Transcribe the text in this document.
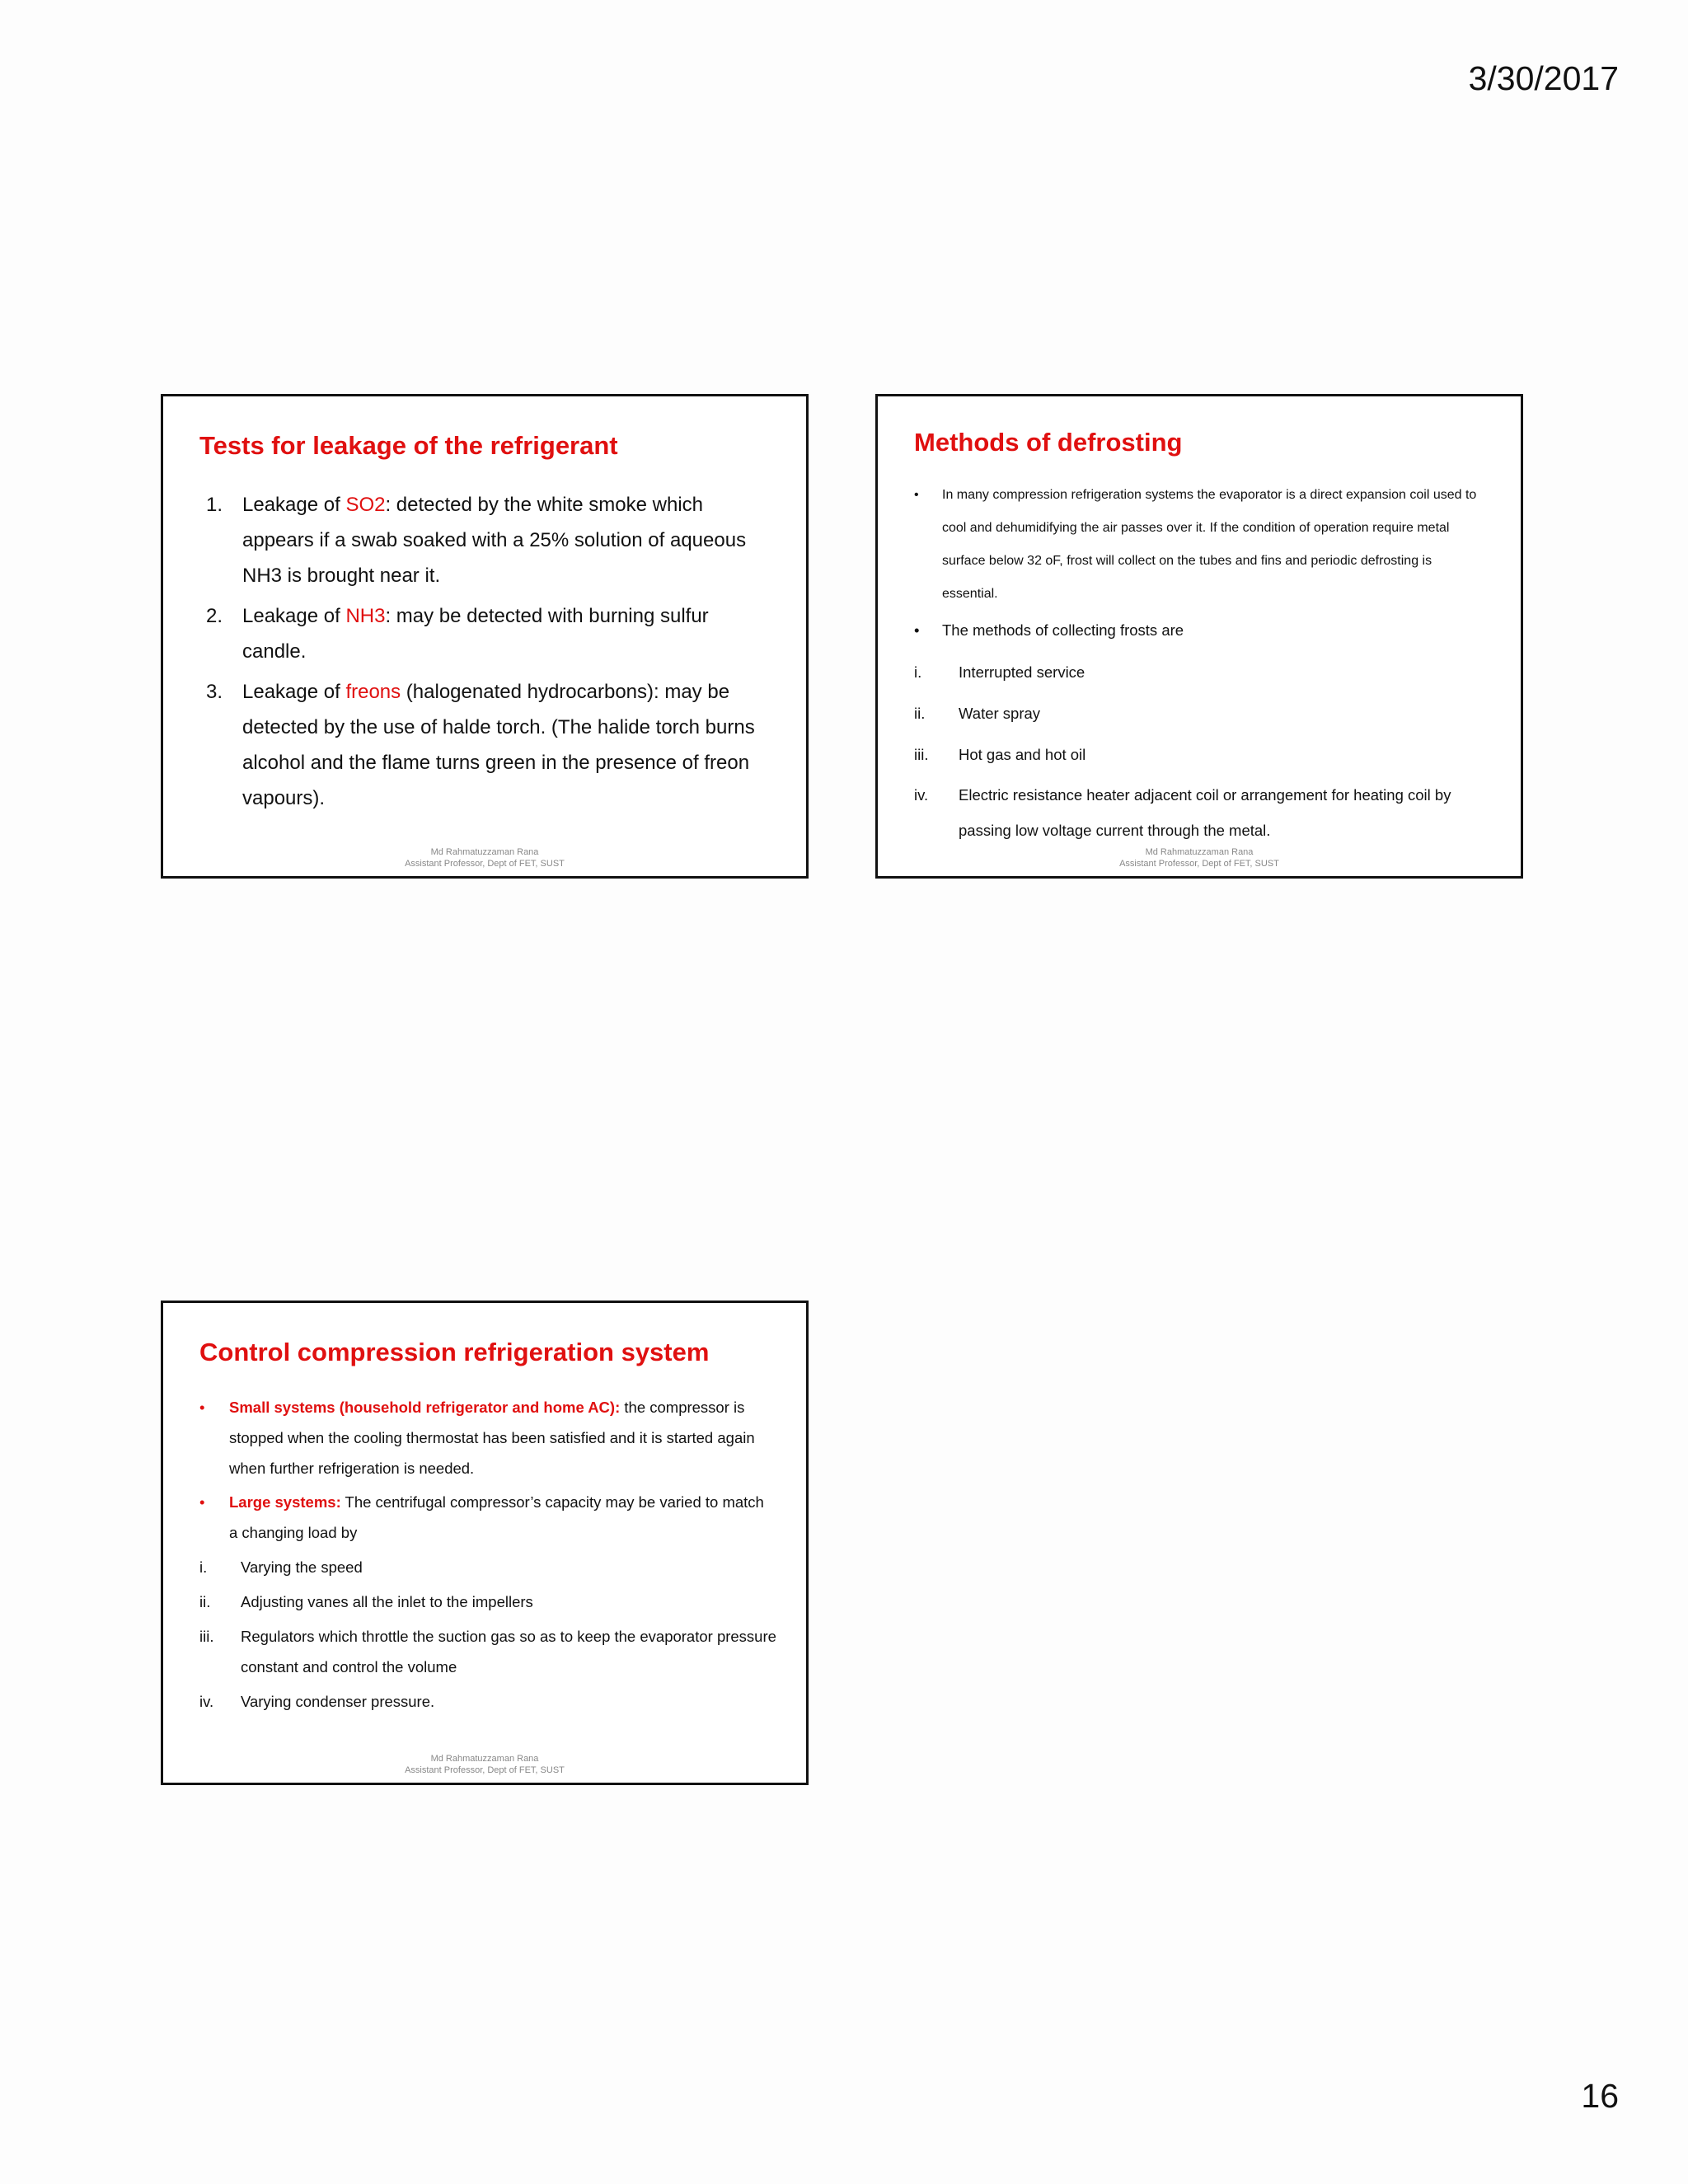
3/30/2017
Tests for leakage of the refrigerant
1. Leakage of SO2: detected by the white smoke which appears if a swab soaked with a 25% solution of aqueous NH3 is brought near it.
2. Leakage of NH3: may be detected with burning sulfur candle.
3. Leakage of freons (halogenated hydrocarbons): may be detected by the use of halde torch. (The halide torch burns alcohol and the flame turns green in the presence of freon vapours).
Md Rahmatuzzaman Rana
Assistant Professor, Dept of FET, SUST
Methods of defrosting
•	In many compression refrigeration systems the evaporator is a direct expansion coil used to cool and dehumidifying the air passes over it. If the condition of operation require metal surface below 32 oF, frost will collect on the tubes and fins and periodic defrosting is essential.
•	The methods of collecting frosts are
i.	Interrupted service
ii.	Water spray
iii.	Hot gas and hot oil
iv.	Electric resistance heater adjacent coil or arrangement for heating coil by passing low voltage current through the metal.
Md Rahmatuzzaman Rana
Assistant Professor, Dept of FET, SUST
Control compression refrigeration system
•	Small systems (household refrigerator and home AC): the compressor is stopped when the cooling thermostat has been satisfied and it is started again when further refrigeration is needed.
•	Large systems: The centrifugal compressor’s capacity may be varied to match a changing load by
i.	Varying the speed
ii.	Adjusting vanes all the inlet to the impellers
iii.	Regulators which throttle the suction gas so as to keep the evaporator pressure constant and control the volume
iv.	Varying condenser pressure.
Md Rahmatuzzaman Rana
Assistant Professor, Dept of FET, SUST
16
